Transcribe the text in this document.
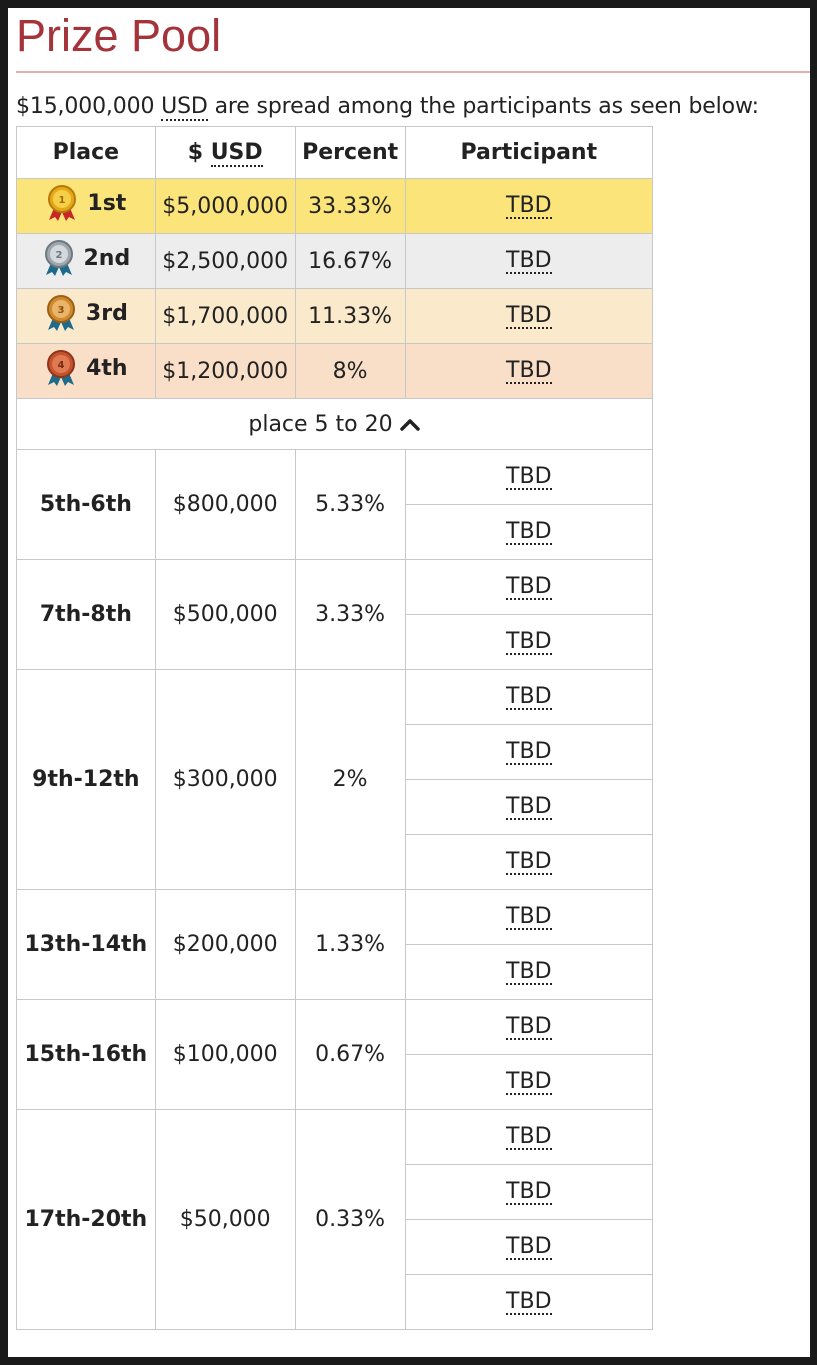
Prize Pool

$15,000,000 USD are spread among the participants as seen below:

Place	$ USD	Percent	Participant

1 1st	$5,000,000	33.33%	TBD

2 2nd	$2,500,000	16.67%	TBD

3 3rd	$1,700,000	11.33%	TBD

4 4th	$1,200,000	8%	TBD

place 5 to 20			

5th-6th	$800,000	5.33%	TBD
			TBD
7th-8th	$500,000	3.33%	TBD
			TBD
9th-12th	$300,000	2%	TBD
			TBD
			TBD
			TBD
13th-14th	$200,000	1.33%	TBD
			TBD
15th-16th	$100,000	0.67%	TBD
			TBD
17th-20th	$50,000	0.33%	TBD
			TBD
			TBD
			TBD
